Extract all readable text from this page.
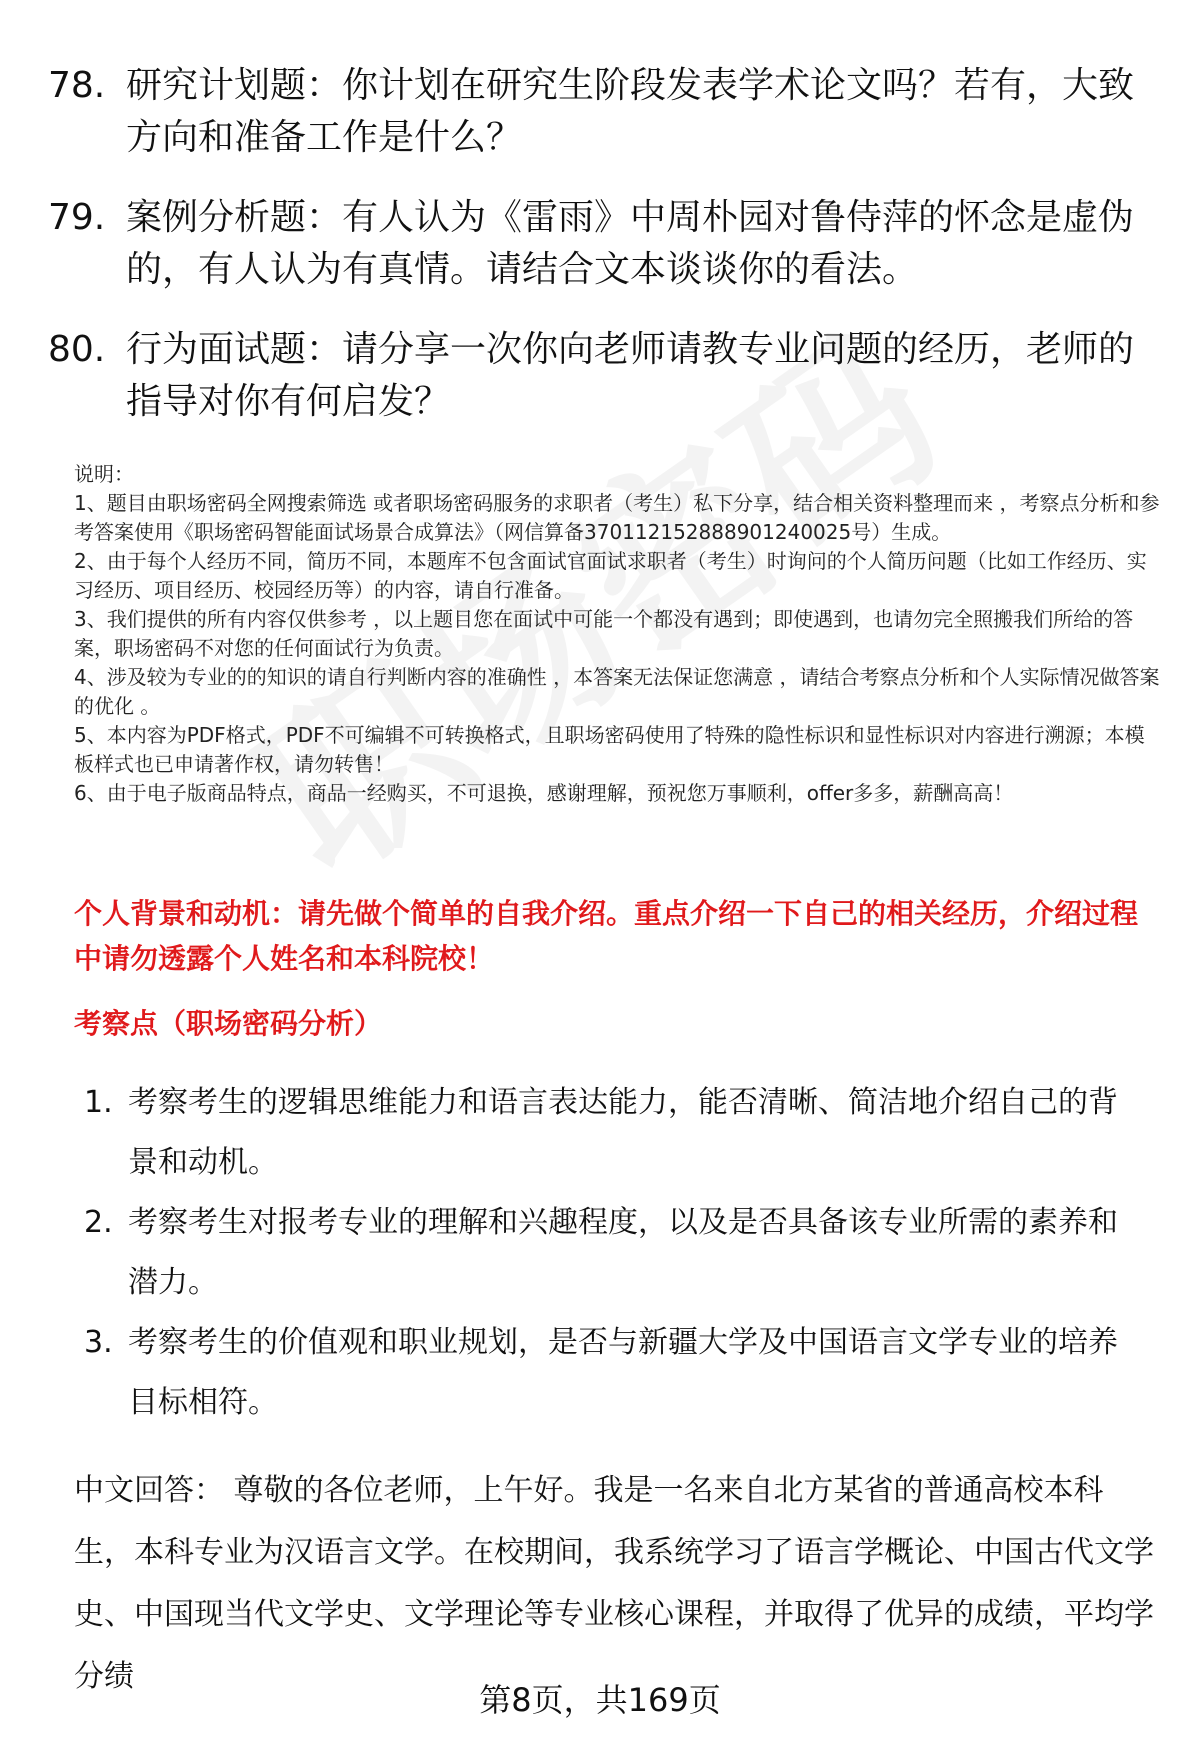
78. 研究计划题：你计划在研究生阶段发表学术论文吗？若有，大致方向和准备工作是什么？
79. 案例分析题：有人认为《雷雨》中周朴园对鲁侍萍的怀念是虚伪的，有人认为有真情。请结合文本谈谈你的看法。
80. 行为面试题：请分享一次你向老师请教专业问题的经历，老师的指导对你有何启发？
说明：
1、题目由职场密码全网搜索筛选 或者职场密码服务的求职者（考生）私下分享，结合相关资料整理而来 ，考察点分析和参考答案使用《职场密码智能面试场景合成算法》（网信算备370112152888901240025号）生成。
2、由于每个人经历不同，简历不同，本题库不包含面试官面试求职者（考生）时询问的个人简历问题（比如工作经历、实习经历、项目经历、校园经历等）的内容，请自行准备。
3、我们提供的所有内容仅供参考 ，以上题目您在面试中可能一个都没有遇到；即使遇到，也请勿完全照搬我们所给的答案，职场密码不对您的任何面试行为负责。
4、涉及较为专业的的知识的请自行判断内容的准确性 ，本答案无法保证您满意 ，请结合考察点分析和个人实际情况做答案的优化 。
5、本内容为PDF格式，PDF不可编辑不可转换格式，且职场密码使用了特殊的隐性标识和显性标识对内容进行溯源；本模板样式也已申请著作权，请勿转售！
6、由于电子版商品特点，商品一经购买，不可退换，感谢理解，预祝您万事顺利，offer多多，薪酬高高！
个人背景和动机：请先做个简单的自我介绍。重点介绍一下自己的相关经历，介绍过程中请勿透露个人姓名和本科院校！
考察点（职场密码分析）
1. 考察考生的逻辑思维能力和语言表达能力，能否清晰、简洁地介绍自己的背景和动机。
2. 考察考生对报考专业的理解和兴趣程度，以及是否具备该专业所需的素养和潜力。
3. 考察考生的价值观和职业规划，是否与新疆大学及中国语言文学专业的培养目标相符。
中文回答： 尊敬的各位老师，上午好。我是一名来自北方某省的普通高校本科生，本科专业为汉语言文学。在校期间，我系统学习了语言学概论、中国古代文学史、中国现当代文学史、文学理论等专业核心课程，并取得了优异的成绩，平均学分绩
第8页，共169页
